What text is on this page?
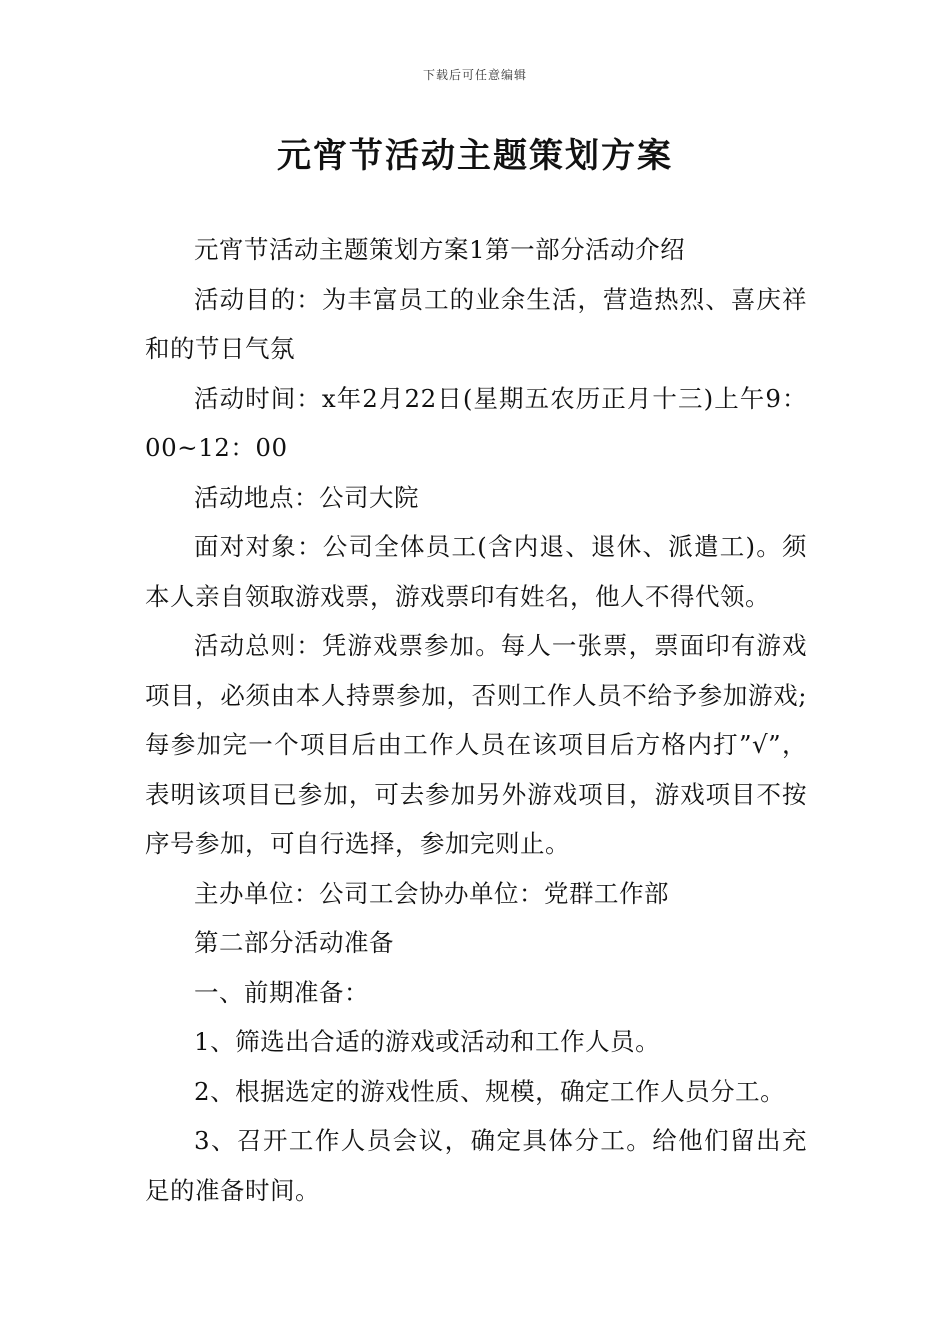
下载后可任意编辑
元宵节活动主题策划方案

元宵节活动主题策划方案1第一部分活动介绍

活动目的：为丰富员工的业余生活，营造热烈、喜庆祥和的节日气氛

活动时间：x年2月22日(星期五农历正月十三)上午9：00~12：00

活动地点：公司大院

面对对象：公司全体员工(含内退、退休、派遣工)。须本人亲自领取游戏票，游戏票印有姓名，他人不得代领。

活动总则：凭游戏票参加。每人一张票，票面印有游戏项目，必须由本人持票参加，否则工作人员不给予参加游戏;每参加完一个项目后由工作人员在该项目后方格内打”√”，表明该项目已参加，可去参加另外游戏项目，游戏项目不按序号参加，可自行选择，参加完则止。

主办单位：公司工会协办单位：党群工作部

第二部分活动准备

一、前期准备：

1、筛选出合适的游戏或活动和工作人员。

2、根据选定的游戏性质、规模，确定工作人员分工。

3、召开工作人员会议，确定具体分工。给他们留出充足的准备时间。
